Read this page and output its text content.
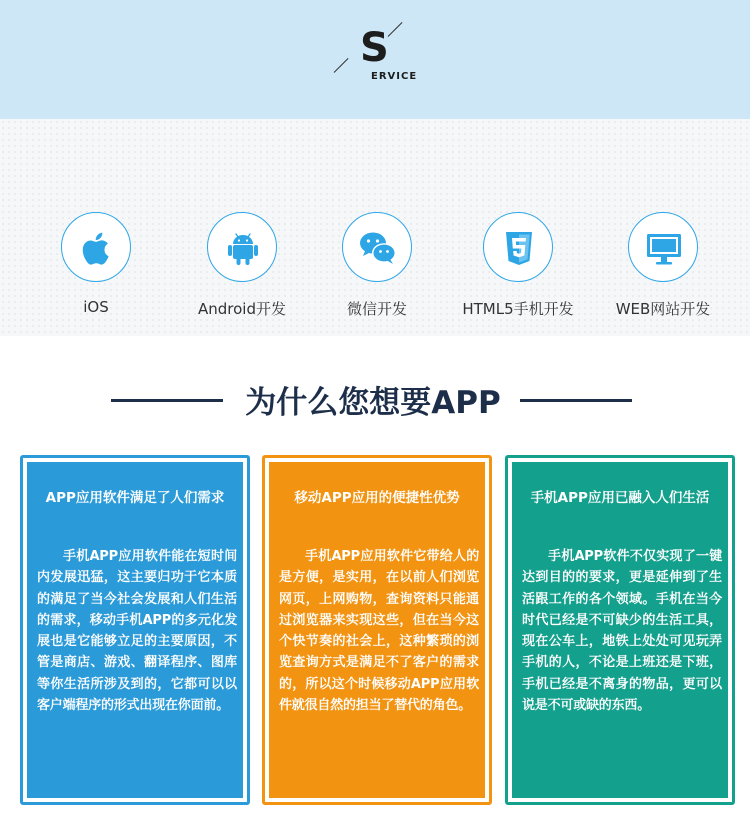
S
ERVICE
iOS	Android开发	微信开发	HTML5手机开发	WEB网站开发
为什么您想要APP
APP应用软件满足了人们需求

手机APP应用软件能在短时间内发展迅猛，这主要归功于它本质的满足了当今社会发展和人们生活的需求，移动手机APP的多元化发展也是它能够立足的主要原因，不管是商店、游戏、翻译程序、图库等你生活所涉及到的，它都可以以客户端程序的形式出现在你面前。

移动APP应用的便捷性优势

手机APP应用软件它带给人的是方便，是实用，在以前人们浏览网页，上网购物，查询资料只能通过浏览器来实现这些，但在当今这个快节奏的社会上，这种繁琐的浏览查询方式是满足不了客户的需求的，所以这个时候移动APP应用软件就很自然的担当了替代的角色。

手机APP应用已融入人们生活

手机APP软件不仅实现了一键达到目的的要求，更是延伸到了生活跟工作的各个领域。手机在当今时代已经是不可缺少的生活工具，现在公车上，地铁上处处可见玩弄手机的人，不论是上班还是下班，手机已经是不离身的物品，更可以说是不可或缺的东西。
